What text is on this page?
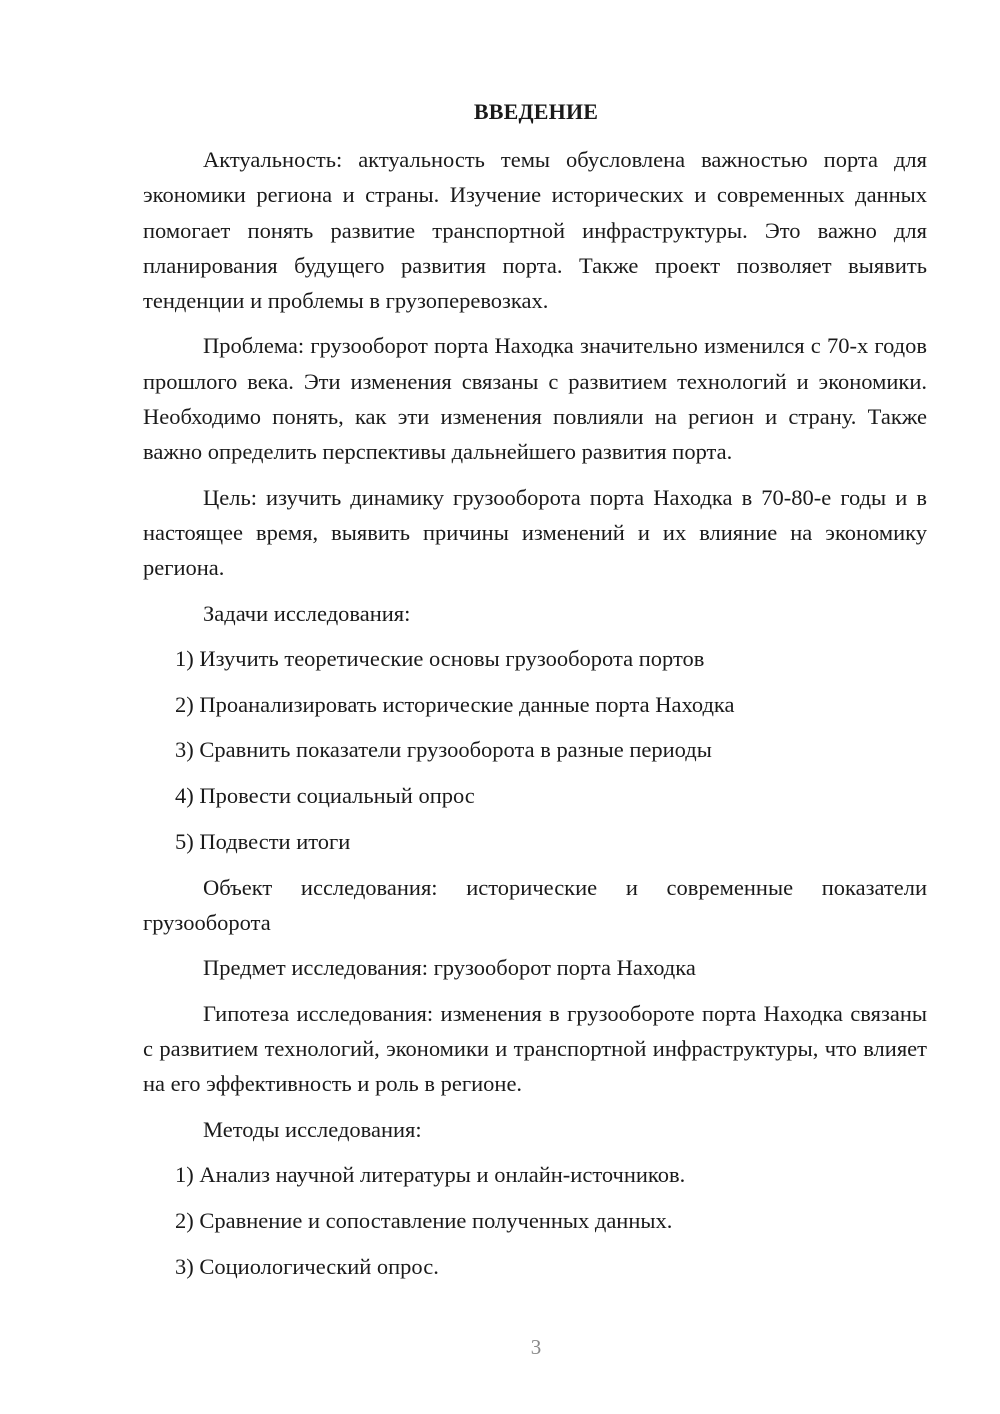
ВВЕДЕНИЕ

Актуальность: актуальность темы обусловлена важностью порта для экономики региона и страны. Изучение исторических и современных данных помогает понять развитие транспортной инфраструктуры. Это важно для планирования будущего развития порта. Также проект позволяет выявить тенденции и проблемы в грузоперевозках.

Проблема: грузооборот порта Находка значительно изменился с 70-х годов прошлого века. Эти изменения связаны с развитием технологий и экономики. Необходимо понять, как эти изменения повлияли на регион и страну. Также важно определить перспективы дальнейшего развития порта.

Цель: изучить динамику грузооборота порта Находка в 70-80-е годы и в настоящее время, выявить причины изменений и их влияние на экономику региона.

Задачи исследования:

1) Изучить теоретические основы грузооборота портов
2) Проанализировать исторические данные порта Находка
3) Сравнить показатели грузооборота в разные периоды
4) Провести социальный опрос
5) Подвести итоги

Объект исследования: исторические и современные показатели грузооборота

Предмет исследования: грузооборот порта Находка

Гипотеза исследования: изменения в грузообороте порта Находка связаны с развитием технологий, экономики и транспортной инфраструктуры, что влияет на его эффективность и роль в регионе.

Методы исследования:

1) Анализ научной литературы и онлайн-источников.
2) Сравнение и сопоставление полученных данных.
3) Социологический опрос.
3
